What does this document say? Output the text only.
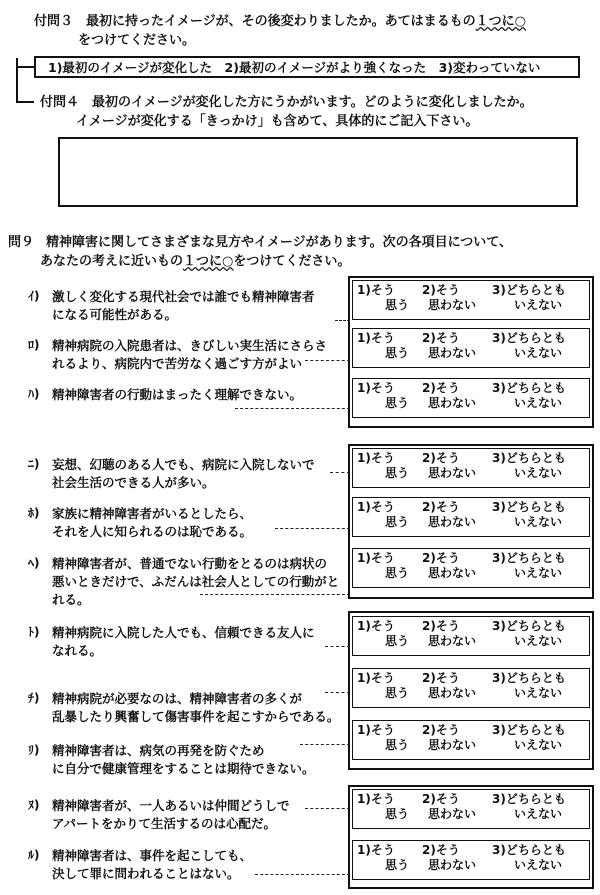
付問３ 最初に持ったイメージが、その後変わりましたか。あてはまるもの１つに○
をつけてください。
1)最初のイメージが変化した　2)最初のイメージがより強くなった　3)変わっていない
付問４ 最初のイメージが変化した方にうかがいます。どのように変化しましたか。
イメージが変化する「きっかけ」も含めて、具体的にご記入下さい。
問９ 精神障害に関してさまざまな見方やイメージがあります。次の各項目について、
あなたの考えに近いもの１つに○をつけてください。
ｲ) 激しく変化する現代社会では誰でも精神障害者
になる可能性がある。
1)そう
思う
2)そう
思わない
3)どちらとも
いえない
ﾛ) 精神病院の入院患者は、きびしい実生活にさらさ
れるより、病院内で苦労なく過ごす方がよい
1)そう
思う
2)そう
思わない
3)どちらとも
いえない
ﾊ) 精神障害者の行動はまったく理解できない。	1)そう
思う
2)そう
思わない
3)どちらとも
いえない
ﾆ) 妄想、幻聴のある人でも、病院に入院しないで
社会生活のできる人が多い。
1)そう
思う
2)そう
思わない
3)どちらとも
いえない
ﾎ) 家族に精神障害者がいるとしたら、
それを人に知られるのは恥である。
1)そう
思う
2)そう
思わない
3)どちらとも
いえない
ﾍ) 精神障害者が、普通でない行動をとるのは病状の
悪いときだけで、ふだんは社会人としての行動がと
れる。
1)そう
思う
2)そう
思わない
3)どちらとも
いえない
ﾄ) 精神病院に入院した人でも、信頼できる友人に
なれる。
1)そう
思う
2)そう
思わない
3)どちらとも
いえない
ﾁ) 精神病院が必要なのは、精神障害者の多くが
乱暴したり興奮して傷害事件を起こすからである。
1)そう
思う
2)そう
思わない
3)どちらとも
いえない
ﾘ) 精神障害者は、病気の再発を防ぐため
に自分で健康管理をすることは期待できない。
1)そう
思う
2)そう
思わない
3)どちらとも
いえない
ﾇ) 精神障害者が、一人あるいは仲間どうしで
アパートをかりて生活するのは心配だ。
1)そう
思う
2)そう
思わない
3)どちらとも
いえない
ﾙ) 精神障害者は、事件を起こしても、
決して罪に問われることはない。
1)そう
思う
2)そう
思わない
3)どちらとも
いえない
